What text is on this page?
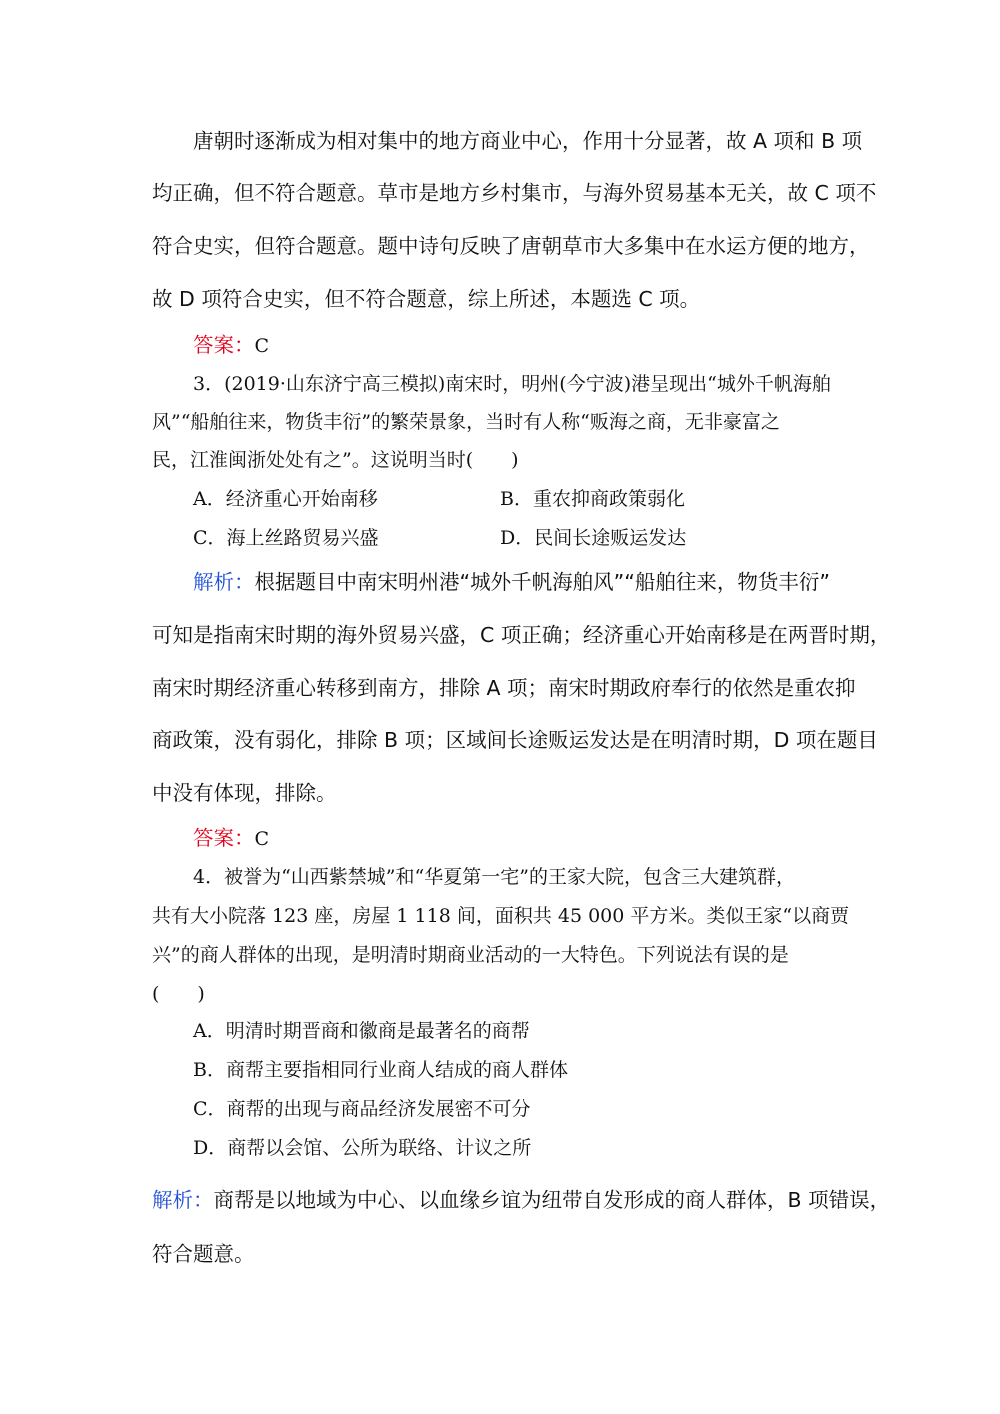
唐朝时逐渐成为相对集中的地方商业中心，作用十分显著，故 A 项和 B 项
均正确，但不符合题意。草市是地方乡村集市，与海外贸易基本无关，故 C 项不
符合史实，但符合题意。题中诗句反映了唐朝草市大多集中在水运方便的地方，
故 D 项符合史实，但不符合题意，综上所述，本题选 C 项。
答案：C
3．(2019·山东济宁高三模拟)南宋时，明州(今宁波)港呈现出“城外千帆海舶
风”“船舶往来，物货丰衍”的繁荣景象，当时有人称“贩海之商，无非豪富之
民，江淮闽浙处处有之”。这说明当时(　　)
A．经济重心开始南移	B．重农抑商政策弱化
C．海上丝路贸易兴盛	D．民间长途贩运发达
解析：根据题目中南宋明州港“城外千帆海舶风”“船舶往来，物货丰衍”
可知是指南宋时期的海外贸易兴盛，C 项正确；经济重心开始南移是在两晋时期，
南宋时期经济重心转移到南方，排除 A 项；南宋时期政府奉行的依然是重农抑
商政策，没有弱化，排除 B 项；区域间长途贩运发达是在明清时期，D 项在题目
中没有体现，排除。
答案：C
4．被誉为“山西紫禁城”和“华夏第一宅”的王家大院，包含三大建筑群，
共有大小院落 123 座，房屋 1 118 间，面积共 45 000 平方米。类似王家“以商贾
兴”的商人群体的出现，是明清时期商业活动的一大特色。下列说法有误的是
(　　)
A．明清时期晋商和徽商是最著名的商帮
B．商帮主要指相同行业商人结成的商人群体
C．商帮的出现与商品经济发展密不可分
D．商帮以会馆、公所为联络、计议之所
解析：商帮是以地域为中心、以血缘乡谊为纽带自发形成的商人群体，B 项错误，
符合题意。
